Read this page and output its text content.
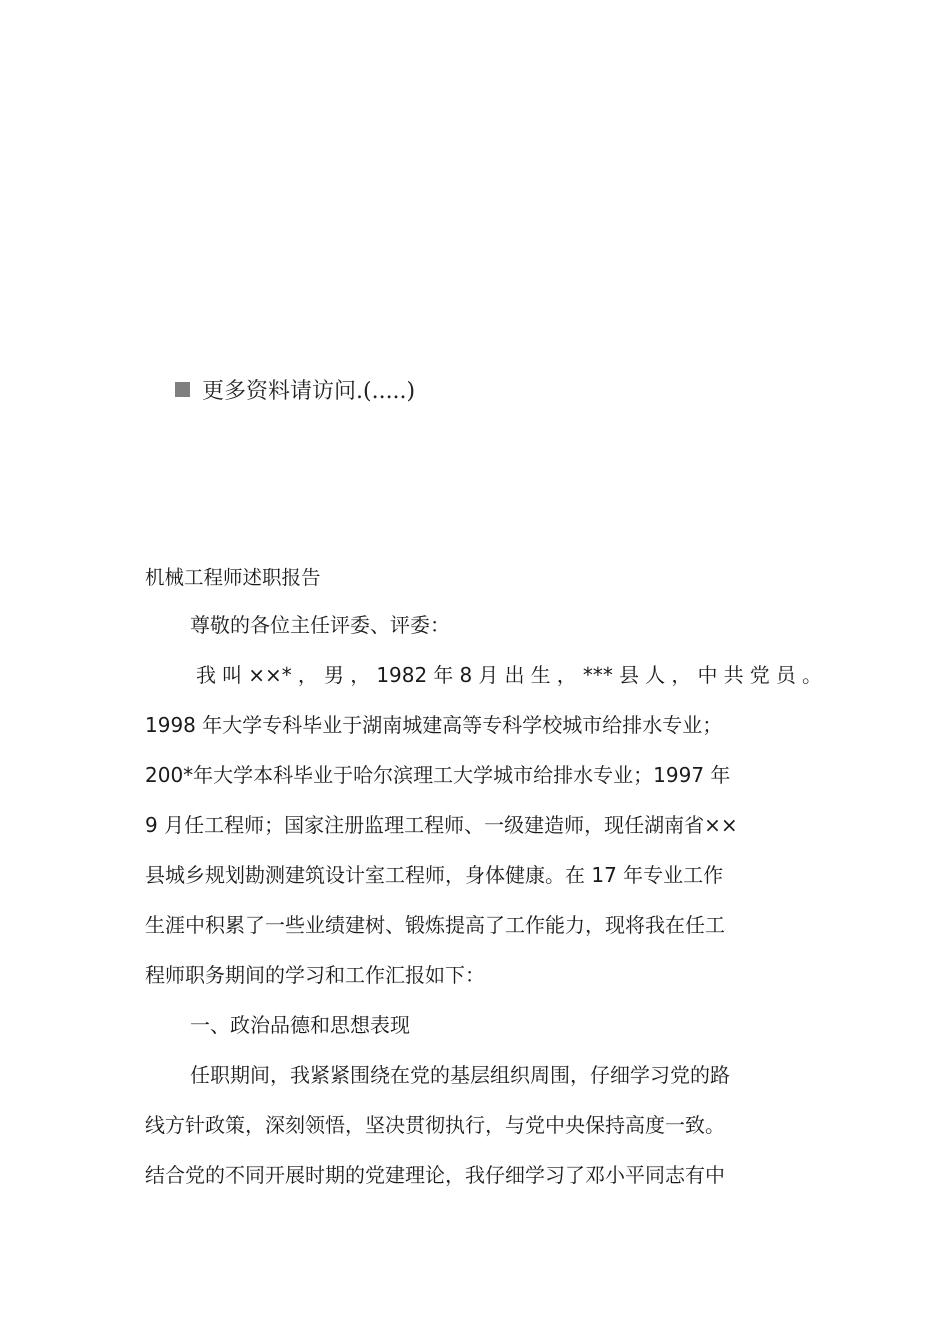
更多资料请访问.(.....)
机械工程师述职报告
尊敬的各位主任评委、评委：
我叫××*，男，1982年8月出生，***县人，中共党员。
1998 年大学专科毕业于湖南城建高等专科学校城市给排水专业；
200*年大学本科毕业于哈尔滨理工大学城市给排水专业；1997 年
9 月任工程师；国家注册监理工程师、一级建造师，现任湖南省××
县城乡规划勘测建筑设计室工程师，身体健康。在 17 年专业工作
生涯中积累了一些业绩建树、锻炼提高了工作能力，现将我在任工
程师职务期间的学习和工作汇报如下：
一、政治品德和思想表现
任职期间，我紧紧围绕在党的基层组织周围，仔细学习党的路
线方针政策，深刻领悟，坚决贯彻执行，与党中央保持高度一致。
结合党的不同开展时期的党建理论，我仔细学习了邓小平同志有中
